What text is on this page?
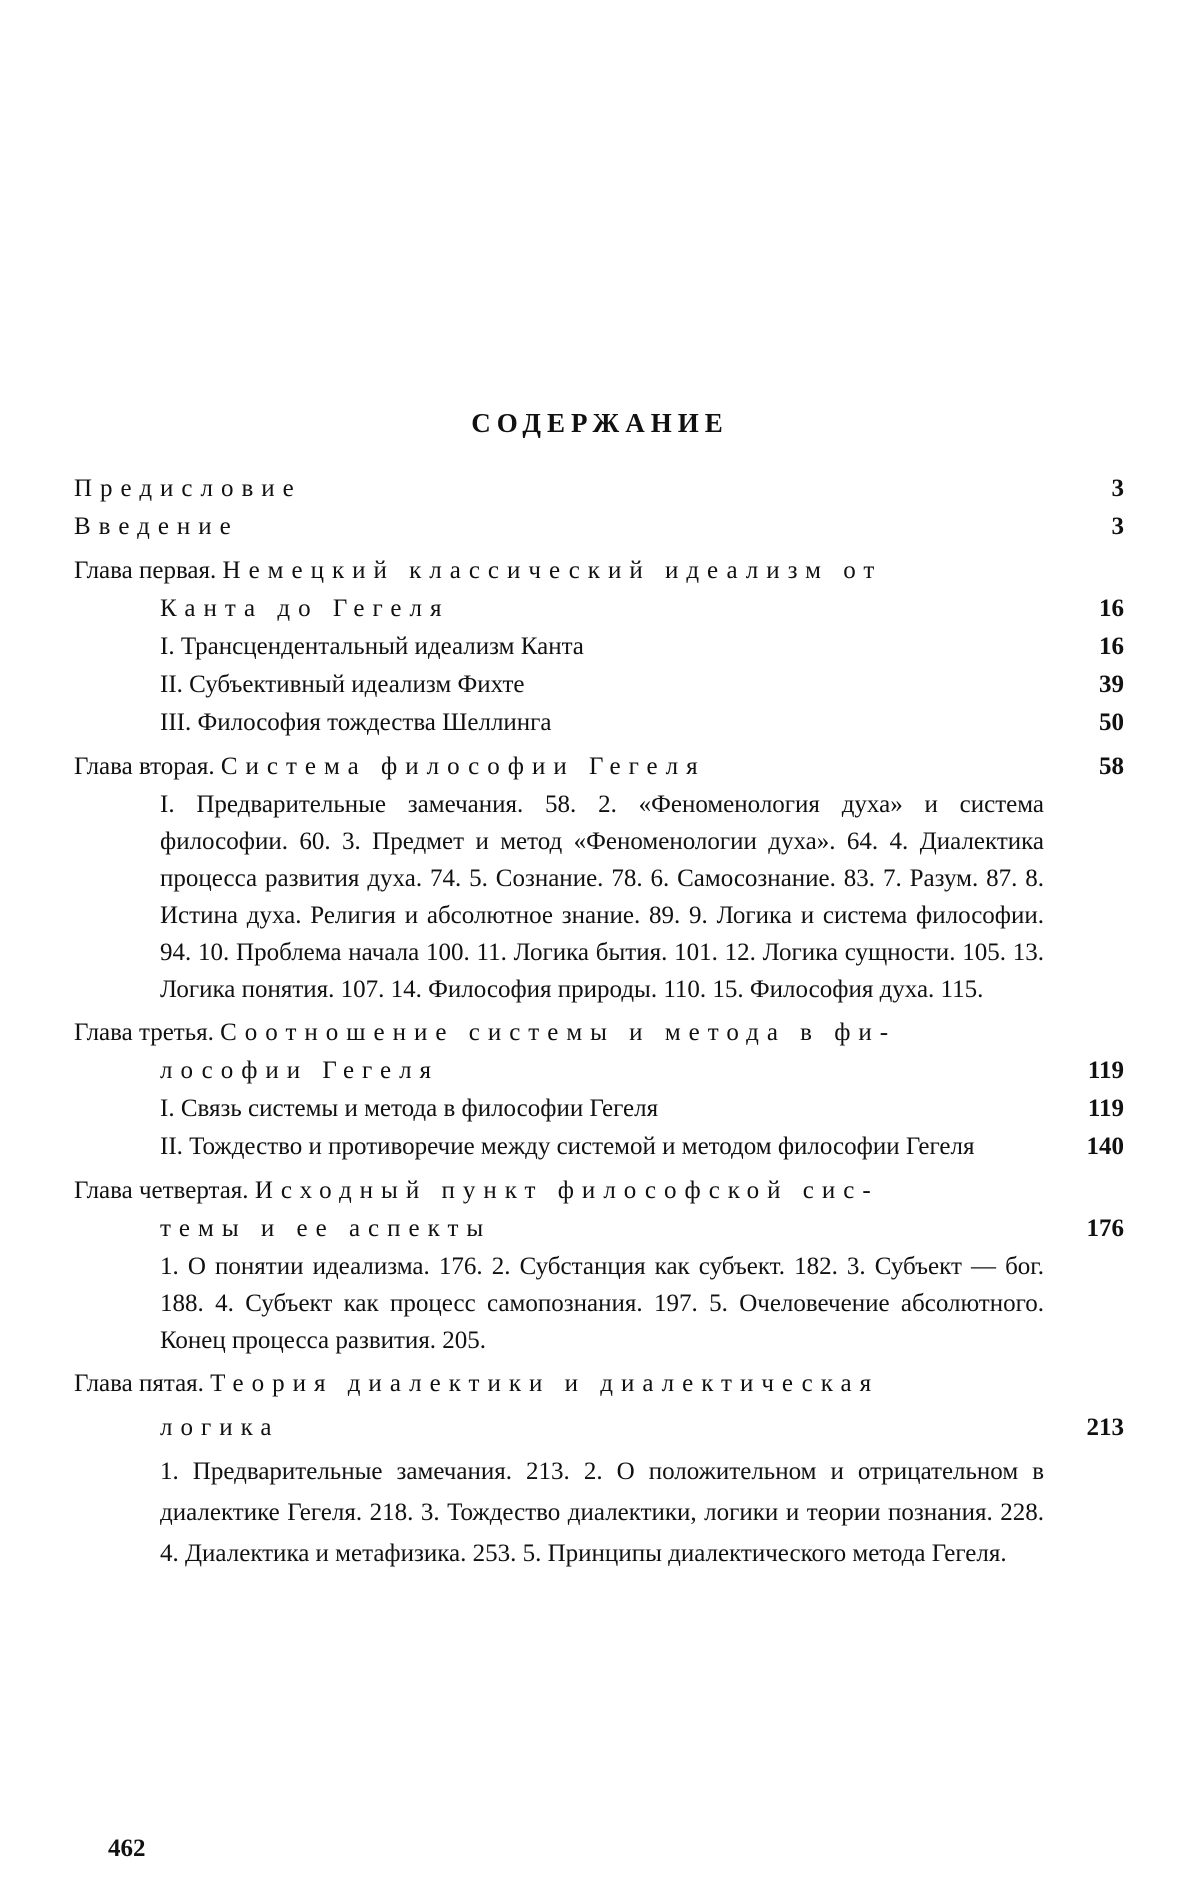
СОДЕРЖАНИЕ
Предисловие	3
Введение	3
Глава первая. Немецкий классический идеализм от
Канта до Гегеля	16
I. Трансцендентальный идеализм Канта	16
II. Субъективный идеализм Фихте	39
III. Философия тождества Шеллинга	50
Глава вторая. Система философии Гегеля	58
I. Предварительные замечания. 58. 2. «Феноменология духа» и система философии. 60. 3. Предмет и метод «Феноменологии духа». 64. 4. Диалектика процесса развития духа. 74. 5. Сознание. 78. 6. Самосознание. 83. 7. Разум. 87. 8. Истина духа. Религия и абсолютное знание. 89. 9. Логика и система философии. 94. 10. Проблема начала 100. 11. Логика бытия. 101. 12. Логика сущности. 105. 13. Логика понятия. 107. 14. Философия природы. 110. 15. Философия духа. 115.
Глава третья. Соотношение системы и метода в фи-
лософии Гегеля	119
I. Связь системы и метода в философии Гегеля	119
II. Тождество и противоречие между системой и методом философии Гегеля	140
Глава четвертая. Исходный пункт философской сис-
темы и ее аспекты	176
1. О понятии идеализма. 176. 2. Субстанция как субъект. 182. 3. Субъект — бог. 188. 4. Субъект как процесс самопознания. 197. 5. Очеловечение абсолютного. Конец процесса развития. 205.
Глава пятая. Теория диалектики и диалектическая
логика	213
1. Предварительные замечания. 213. 2. О положительном и отрицательном в диалектике Гегеля. 218. 3. Тождество диалектики, логики и теории познания. 228. 4. Диалектика и метафизика. 253. 5. Принципы диалектического метода Гегеля.
462
